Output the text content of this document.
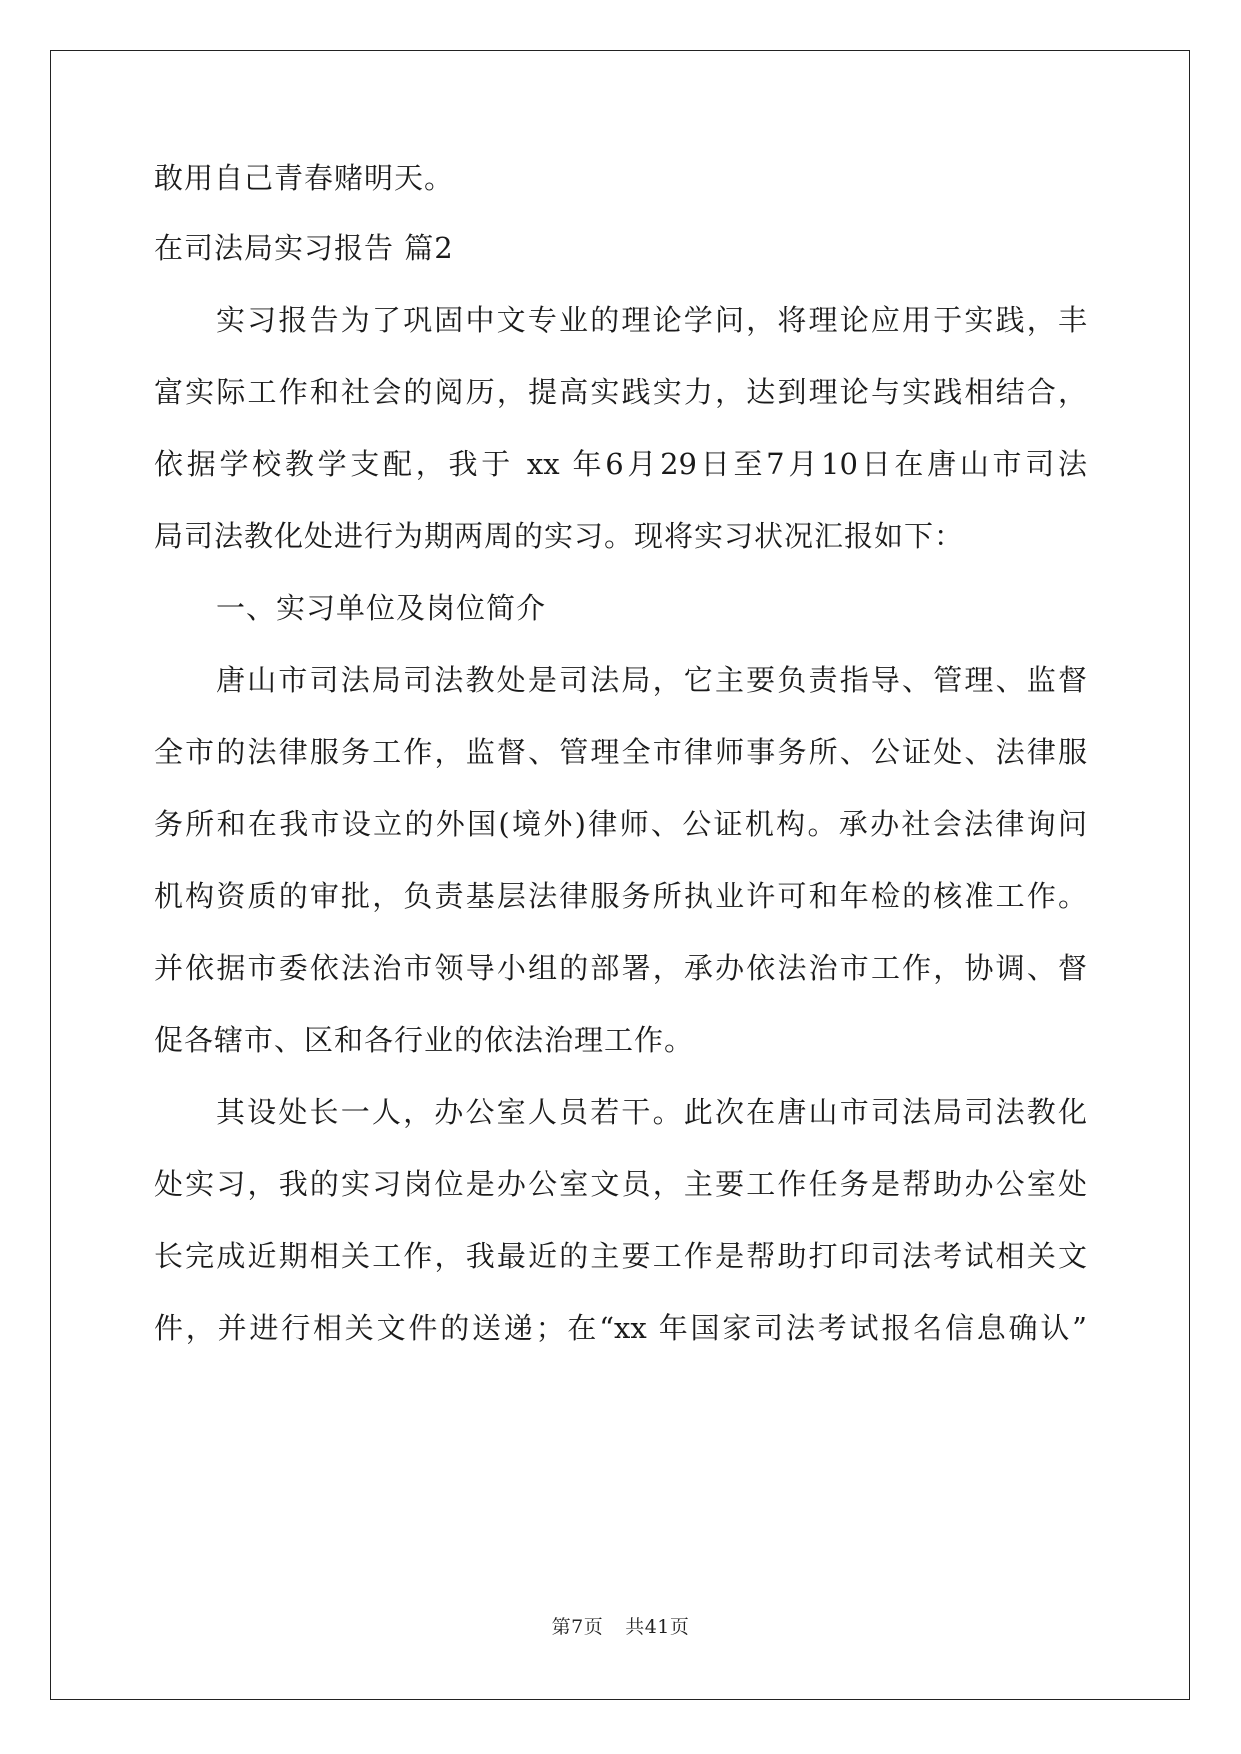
敢用自己青春赌明天。
在司法局实习报告 篇2
实习报告为了巩固中文专业的理论学问，将理论应用于实践，丰
富实际工作和社会的阅历，提高实践实力，达到理论与实践相结合，
依据学校教学支配，我于 xx 年6月29日至7月10日在唐山市司法
局司法教化处进行为期两周的实习。现将实习状况汇报如下：
一、实习单位及岗位简介
唐山市司法局司法教处是司法局，它主要负责指导、管理、监督
全市的法律服务工作，监督、管理全市律师事务所、公证处、法律服
务所和在我市设立的外国(境外)律师、公证机构。承办社会法律询问
机构资质的审批，负责基层法律服务所执业许可和年检的核准工作。
并依据市委依法治市领导小组的部署，承办依法治市工作，协调、督
促各辖市、区和各行业的依法治理工作。
其设处长一人，办公室人员若干。此次在唐山市司法局司法教化
处实习，我的实习岗位是办公室文员，主要工作任务是帮助办公室处
长完成近期相关工作，我最近的主要工作是帮助打印司法考试相关文
件，并进行相关文件的送递；在“xx 年国家司法考试报名信息确认”
第7页 共41页
